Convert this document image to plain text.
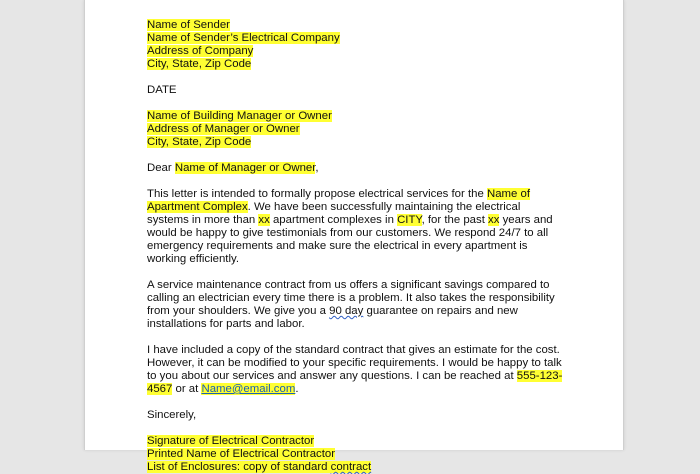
Name of Sender
Name of Sender’s Electrical Company
Address of Company
City, State, Zip Code

DATE

Name of Building Manager or Owner
Address of Manager or Owner
City, State, Zip Code

Dear Name of Manager or Owner,

This letter is intended to formally propose electrical services for the Name of Apartment Complex. We have been successfully maintaining the electrical systems in more than xx apartment complexes in CITY, for the past xx years and would be happy to give testimonials from our customers. We respond 24/7 to all emergency requirements and make sure the electrical in every apartment is working efficiently.

A service maintenance contract from us offers a significant savings compared to calling an electrician every time there is a problem. It also takes the responsibility from your shoulders. We give you a 90 day guarantee on repairs and new installations for parts and labor.

I have included a copy of the standard contract that gives an estimate for the cost. However, it can be modified to your specific requirements. I would be happy to talk to you about our services and answer any questions. I can be reached at 555-123-4567 or at Name@email.com.

Sincerely,

Signature of Electrical Contractor
Printed Name of Electrical Contractor
List of Enclosures: copy of standard contract
